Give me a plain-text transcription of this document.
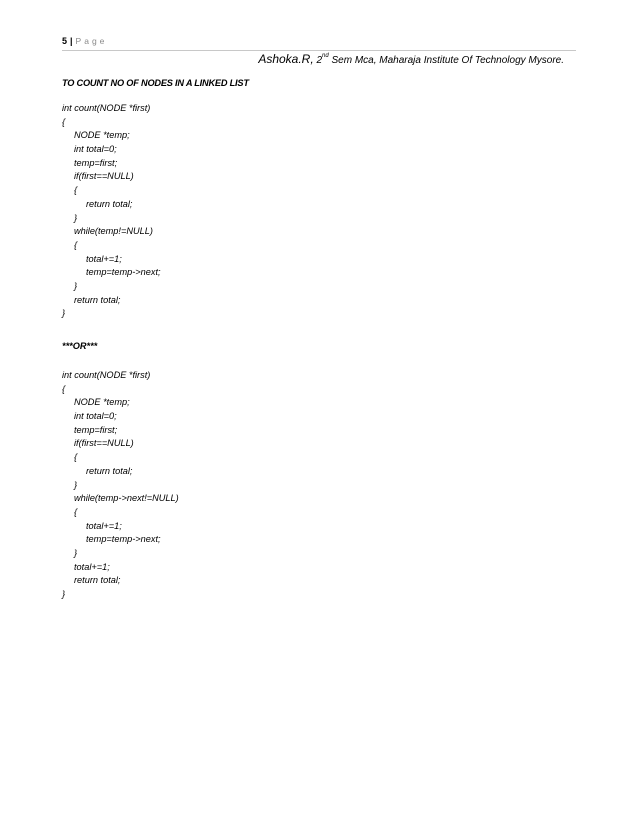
5 | Page
Ashoka.R, 2nd Sem Mca, Maharaja Institute Of Technology Mysore.
TO COUNT NO OF NODES IN A LINKED LIST
int count(NODE *first)
{
NODE *temp;
int total=0;
temp=first;
if(first==NULL)
{
return total;
}
while(temp!=NULL)
{
total+=1;
temp=temp->next;
}
return total;
}
***OR***
int count(NODE *first)
{
NODE *temp;
int total=0;
temp=first;
if(first==NULL)
{
return total;
}
while(temp->next!=NULL)
{
total+=1;
temp=temp->next;
}
total+=1;
return total;
}
